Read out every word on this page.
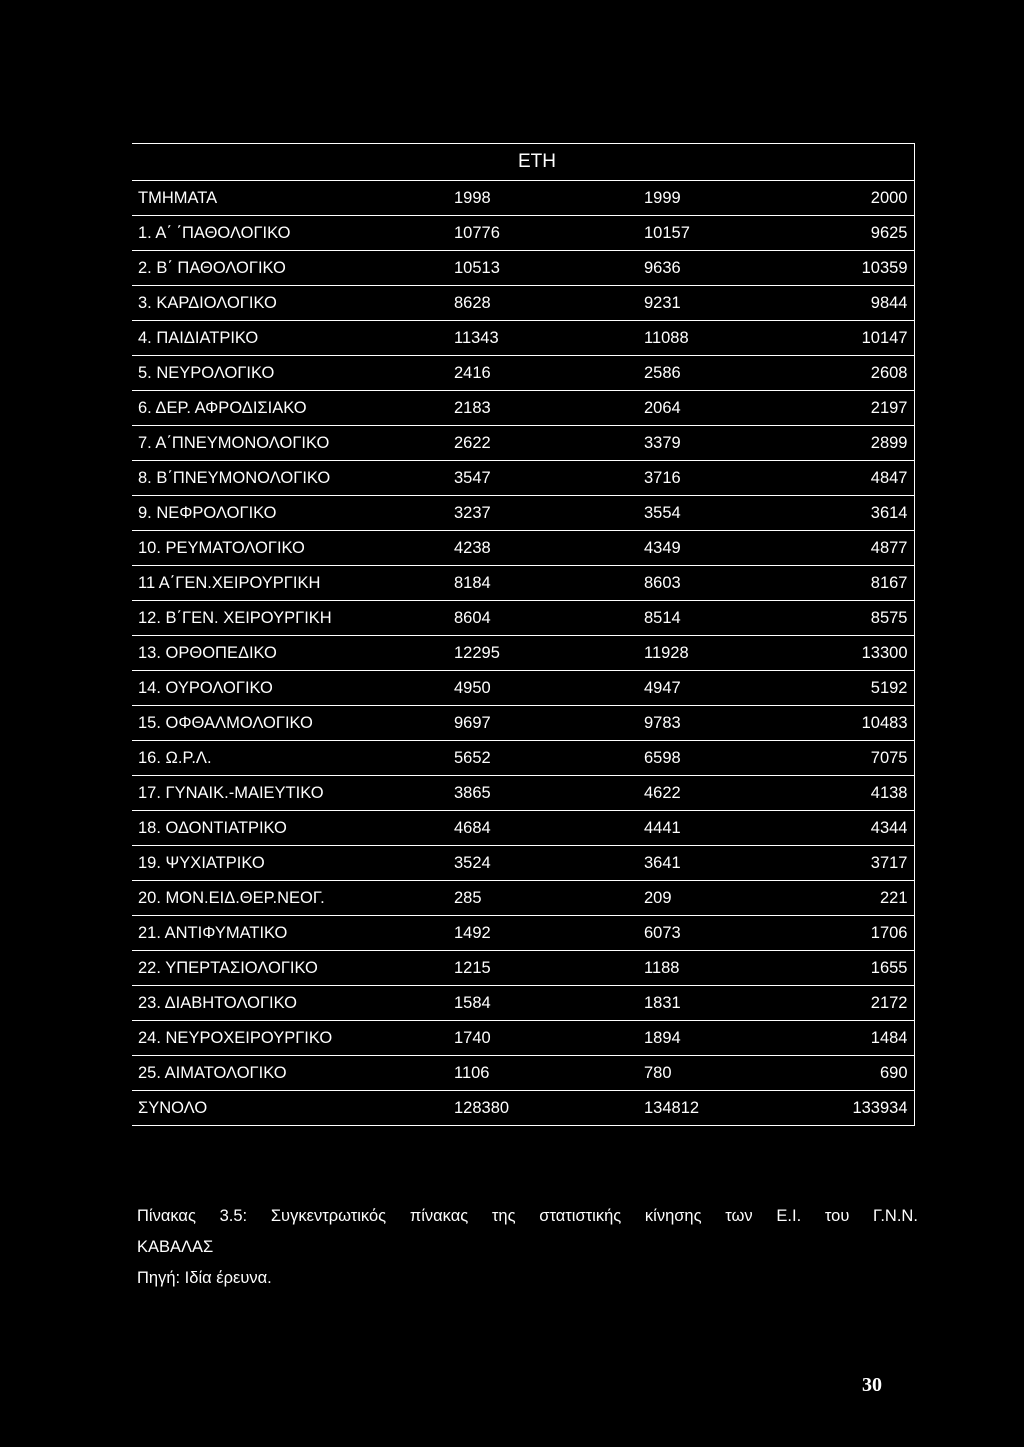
ΕΤΗ			
ΤΜΗΜΑΤΑ	1998	1999	2000
1. Α΄ ΄ΠΑΘΟΛΟΓΙΚΟ	10776	10157	9625
2. Β΄ ΠΑΘΟΛΟΓΙΚΟ	10513	9636	10359
3. ΚΑΡΔΙΟΛΟΓΙΚΟ	8628	9231	9844
4. ΠΑΙΔΙΑΤΡΙΚΟ	11343	11088	10147
5. ΝΕΥΡΟΛΟΓΙΚΟ	2416	2586	2608
6. ΔΕΡ. ΑΦΡΟΔΙΣΙΑΚΟ	2183	2064	2197
7. Α΄ΠΝΕΥΜΟΝΟΛΟΓΙΚΟ	2622	3379	2899
8. Β΄ΠΝΕΥΜΟΝΟΛΟΓΙΚΟ	3547	3716	4847
9. ΝΕΦΡΟΛΟΓΙΚΟ	3237	3554	3614
10. ΡΕΥΜΑΤΟΛΟΓΙΚΟ	4238	4349	4877
11 Α΄ΓΕΝ.ΧΕΙΡΟΥΡΓΙΚΗ	8184	8603	8167
12. Β΄ΓΕΝ. ΧΕΙΡΟΥΡΓΙΚΗ	8604	8514	8575
13. ΟΡΘΟΠΕΔΙΚΟ	12295	11928	13300
14. ΟΥΡΟΛΟΓΙΚΟ	4950	4947	5192
15. ΟΦΘΑΛΜΟΛΟΓΙΚΟ	9697	9783	10483
16. Ω.Ρ.Λ.	5652	6598	7075
17. ΓΥΝΑΙΚ.-ΜΑΙΕΥΤΙΚΟ	3865	4622	4138
18. ΟΔΟΝΤΙΑΤΡΙΚΟ	4684	4441	4344
19. ΨΥΧΙΑΤΡΙΚΟ	3524	3641	3717
20. ΜΟΝ.ΕΙΔ.ΘΕΡ.ΝΕΟΓ.	285	209	221
21. ΑΝΤΙΦΥΜΑΤΙΚΟ	1492	6073	1706
22. ΥΠΕΡΤΑΣΙΟΛΟΓΙΚΟ	1215	1188	1655
23. ΔΙΑΒΗΤΟΛΟΓΙΚΟ	1584	1831	2172
24. ΝΕΥΡΟΧΕΙΡΟΥΡΓΙΚΟ	1740	1894	1484
25. ΑΙΜΑΤΟΛΟΓΙΚΟ	1106	780	690
ΣΥΝΟΛΟ	128380	134812	133934
Πίνακας 3.5: Συγκεντρωτικός πίνακας της στατιστικής κίνησης των Ε.Ι. του Γ.Ν.Ν.
ΚΑΒΑΛΑΣ
Πηγή: Ιδία έρευνα.
30
